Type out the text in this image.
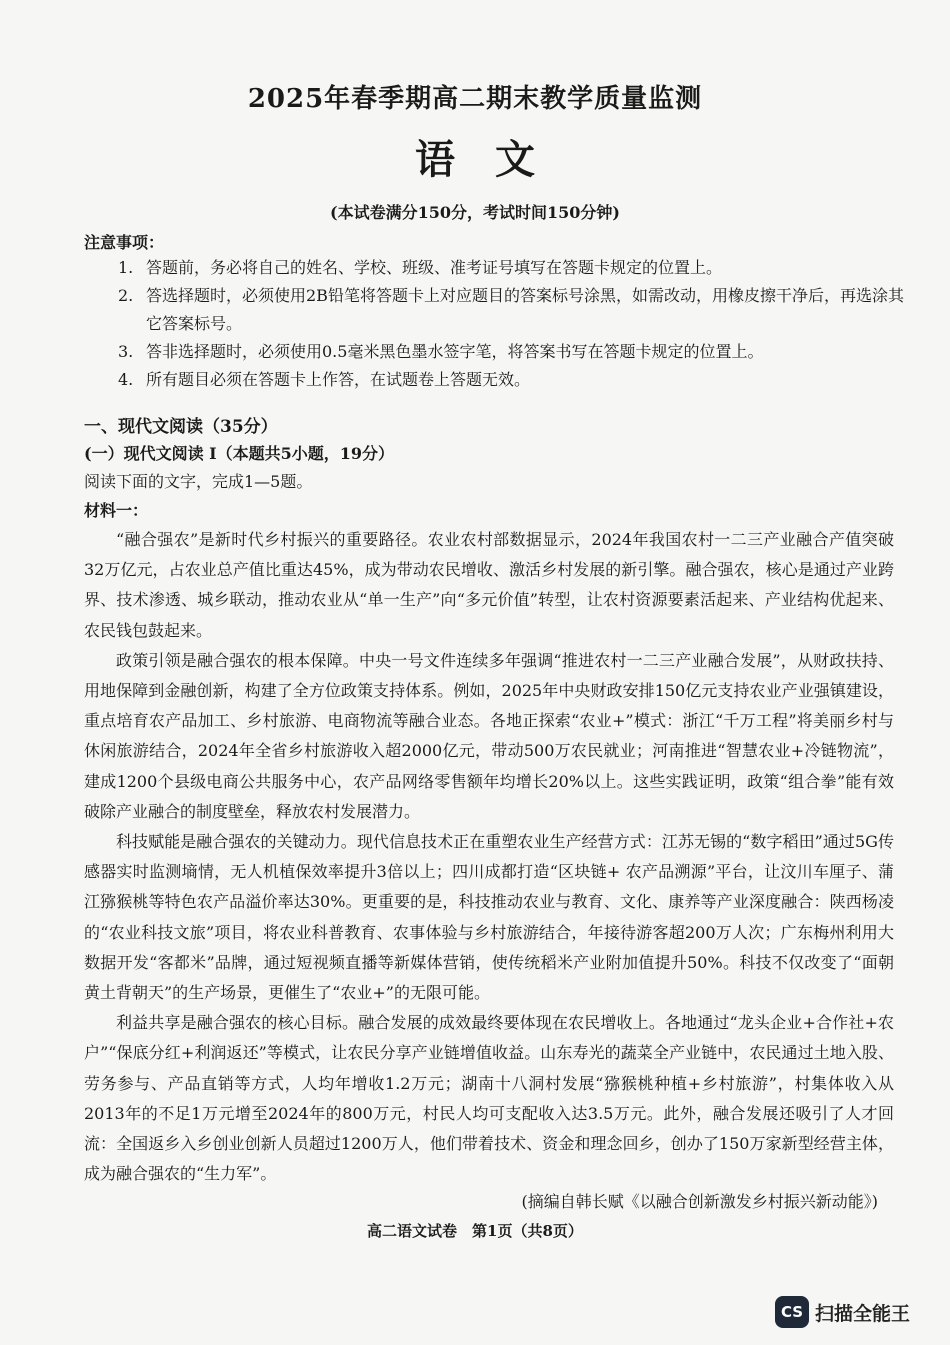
2025年春季期高二期末教学质量监测
语文
(本试卷满分150分，考试时间150分钟)
注意事项：
1. 答题前，务必将自己的姓名、学校、班级、准考证号填写在答题卡规定的位置上。
2. 答选择题时，必须使用2B铅笔将答题卡上对应题目的答案标号涂黑，如需改动，用橡皮擦干净后，再选涂其它答案标号。
3. 答非选择题时，必须使用0.5毫米黑色墨水签字笔，将答案书写在答题卡规定的位置上。
4. 所有题目必须在答题卡上作答，在试题卷上答题无效。
一、现代文阅读（35分）
(一）现代文阅读 I（本题共5小题，19分）
阅读下面的文字，完成1—5题。
材料一：

“融合强农”是新时代乡村振兴的重要路径。农业农村部数据显示，2024年我国农村一二三产业融合产值突破32万亿元，占农业总产值比重达45%，成为带动农民增收、激活乡村发展的新引擎。融合强农，核心是通过产业跨界、技术渗透、城乡联动，推动农业从“单一生产”向“多元价值”转型，让农村资源要素活起来、产业结构优起来、农民钱包鼓起来。

政策引领是融合强农的根本保障。中央一号文件连续多年强调“推进农村一二三产业融合发展”，从财政扶持、用地保障到金融创新，构建了全方位政策支持体系。例如，2025年中央财政安排150亿元支持农业产业强镇建设，重点培育农产品加工、乡村旅游、电商物流等融合业态。各地正探索“农业+”模式：浙江“千万工程”将美丽乡村与休闲旅游结合，2024年全省乡村旅游收入超2000亿元，带动500万农民就业；河南推进“智慧农业+冷链物流”，建成1200个县级电商公共服务中心，农产品网络零售额年均增长20%以上。这些实践证明，政策“组合拳”能有效破除产业融合的制度壁垒，释放农村发展潜力。

科技赋能是融合强农的关键动力。现代信息技术正在重塑农业生产经营方式：江苏无锡的“数字稻田”通过5G传感器实时监测墒情，无人机植保效率提升3倍以上；四川成都打造“区块链+ 农产品溯源”平台，让汶川车厘子、蒲江猕猴桃等特色农产品溢价率达30%。更重要的是，科技推动农业与教育、文化、康养等产业深度融合：陕西杨凌的“农业科技文旅”项目，将农业科普教育、农事体验与乡村旅游结合，年接待游客超200万人次；广东梅州利用大数据开发“客都米”品牌，通过短视频直播等新媒体营销，使传统稻米产业附加值提升50%。科技不仅改变了“面朝黄土背朝天”的生产场景，更催生了“农业+”的无限可能。

利益共享是融合强农的核心目标。融合发展的成效最终要体现在农民增收上。各地通过“龙头企业+合作社+农户”“保底分红+利润返还”等模式，让农民分享产业链增值收益。山东寿光的蔬菜全产业链中，农民通过土地入股、劳务参与、产品直销等方式，人均年增收1.2万元；湖南十八洞村发展“猕猴桃种植+乡村旅游”，村集体收入从2013年的不足1万元增至2024年的800万元，村民人均可支配收入达3.5万元。此外，融合发展还吸引了人才回流：全国返乡入乡创业创新人员超过1200万人，他们带着技术、资金和理念回乡，创办了150万家新型经营主体，成为融合强农的“生力军”。

(摘编自韩长赋《以融合创新激发乡村振兴新动能》)
高二语文试卷　第1页（共8页）
CS 扫描全能王
